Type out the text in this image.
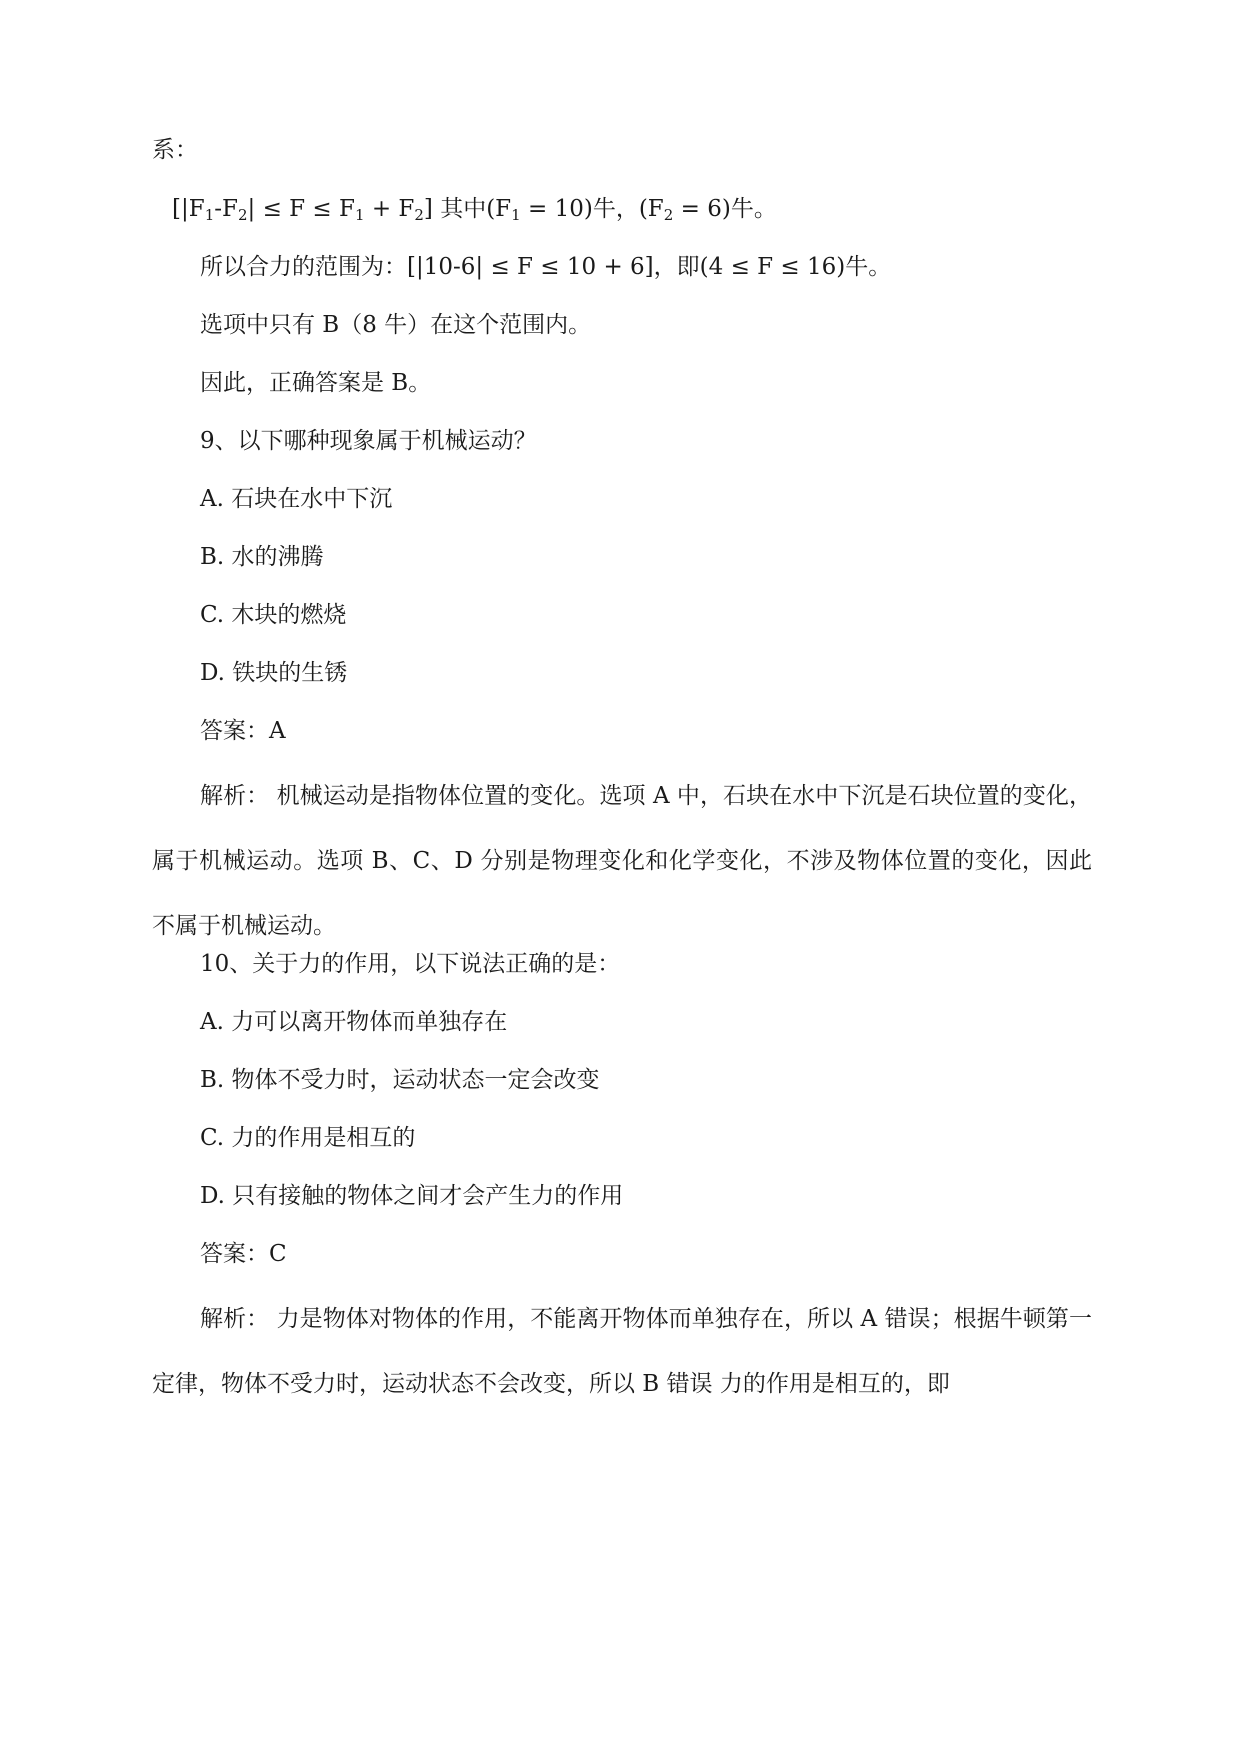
系：
$[|F_1-F_2| \le F \le F_1 + F_2]$ 其中$(F_1 = 10)$牛，$(F_2 = 6)$牛。
所以合力的范围为：[|10-6| ≤ F ≤ 10 + 6]，即(4 ≤ F ≤ 16)牛。
选项中只有 B（8 牛）在这个范围内。
因此，正确答案是 B。
9、以下哪种现象属于机械运动？
A. 石块在水中下沉
B. 水的沸腾
C. 木块的燃烧
D. 铁块的生锈
答案：A
解析： 机械运动是指物体位置的变化。选项 A 中，石块在水中下沉是石块位置的变化，属于机械运动。选项 B、C、D 分别是物理变化和化学变化，不涉及物体位置的变化，因此不属于机械运动。
10、关于力的作用，以下说法正确的是：
A. 力可以离开物体而单独存在
B. 物体不受力时，运动状态一定会改变
C. 力的作用是相互的
D. 只有接触的物体之间才会产生力的作用
答案：C
解析： 力是物体对物体的作用，不能离开物体而单独存在，所以 A 错误；根据牛顿第一定律，物体不受力时，运动状态不会改变，所以 B 错误 力的作用是相互的，即
